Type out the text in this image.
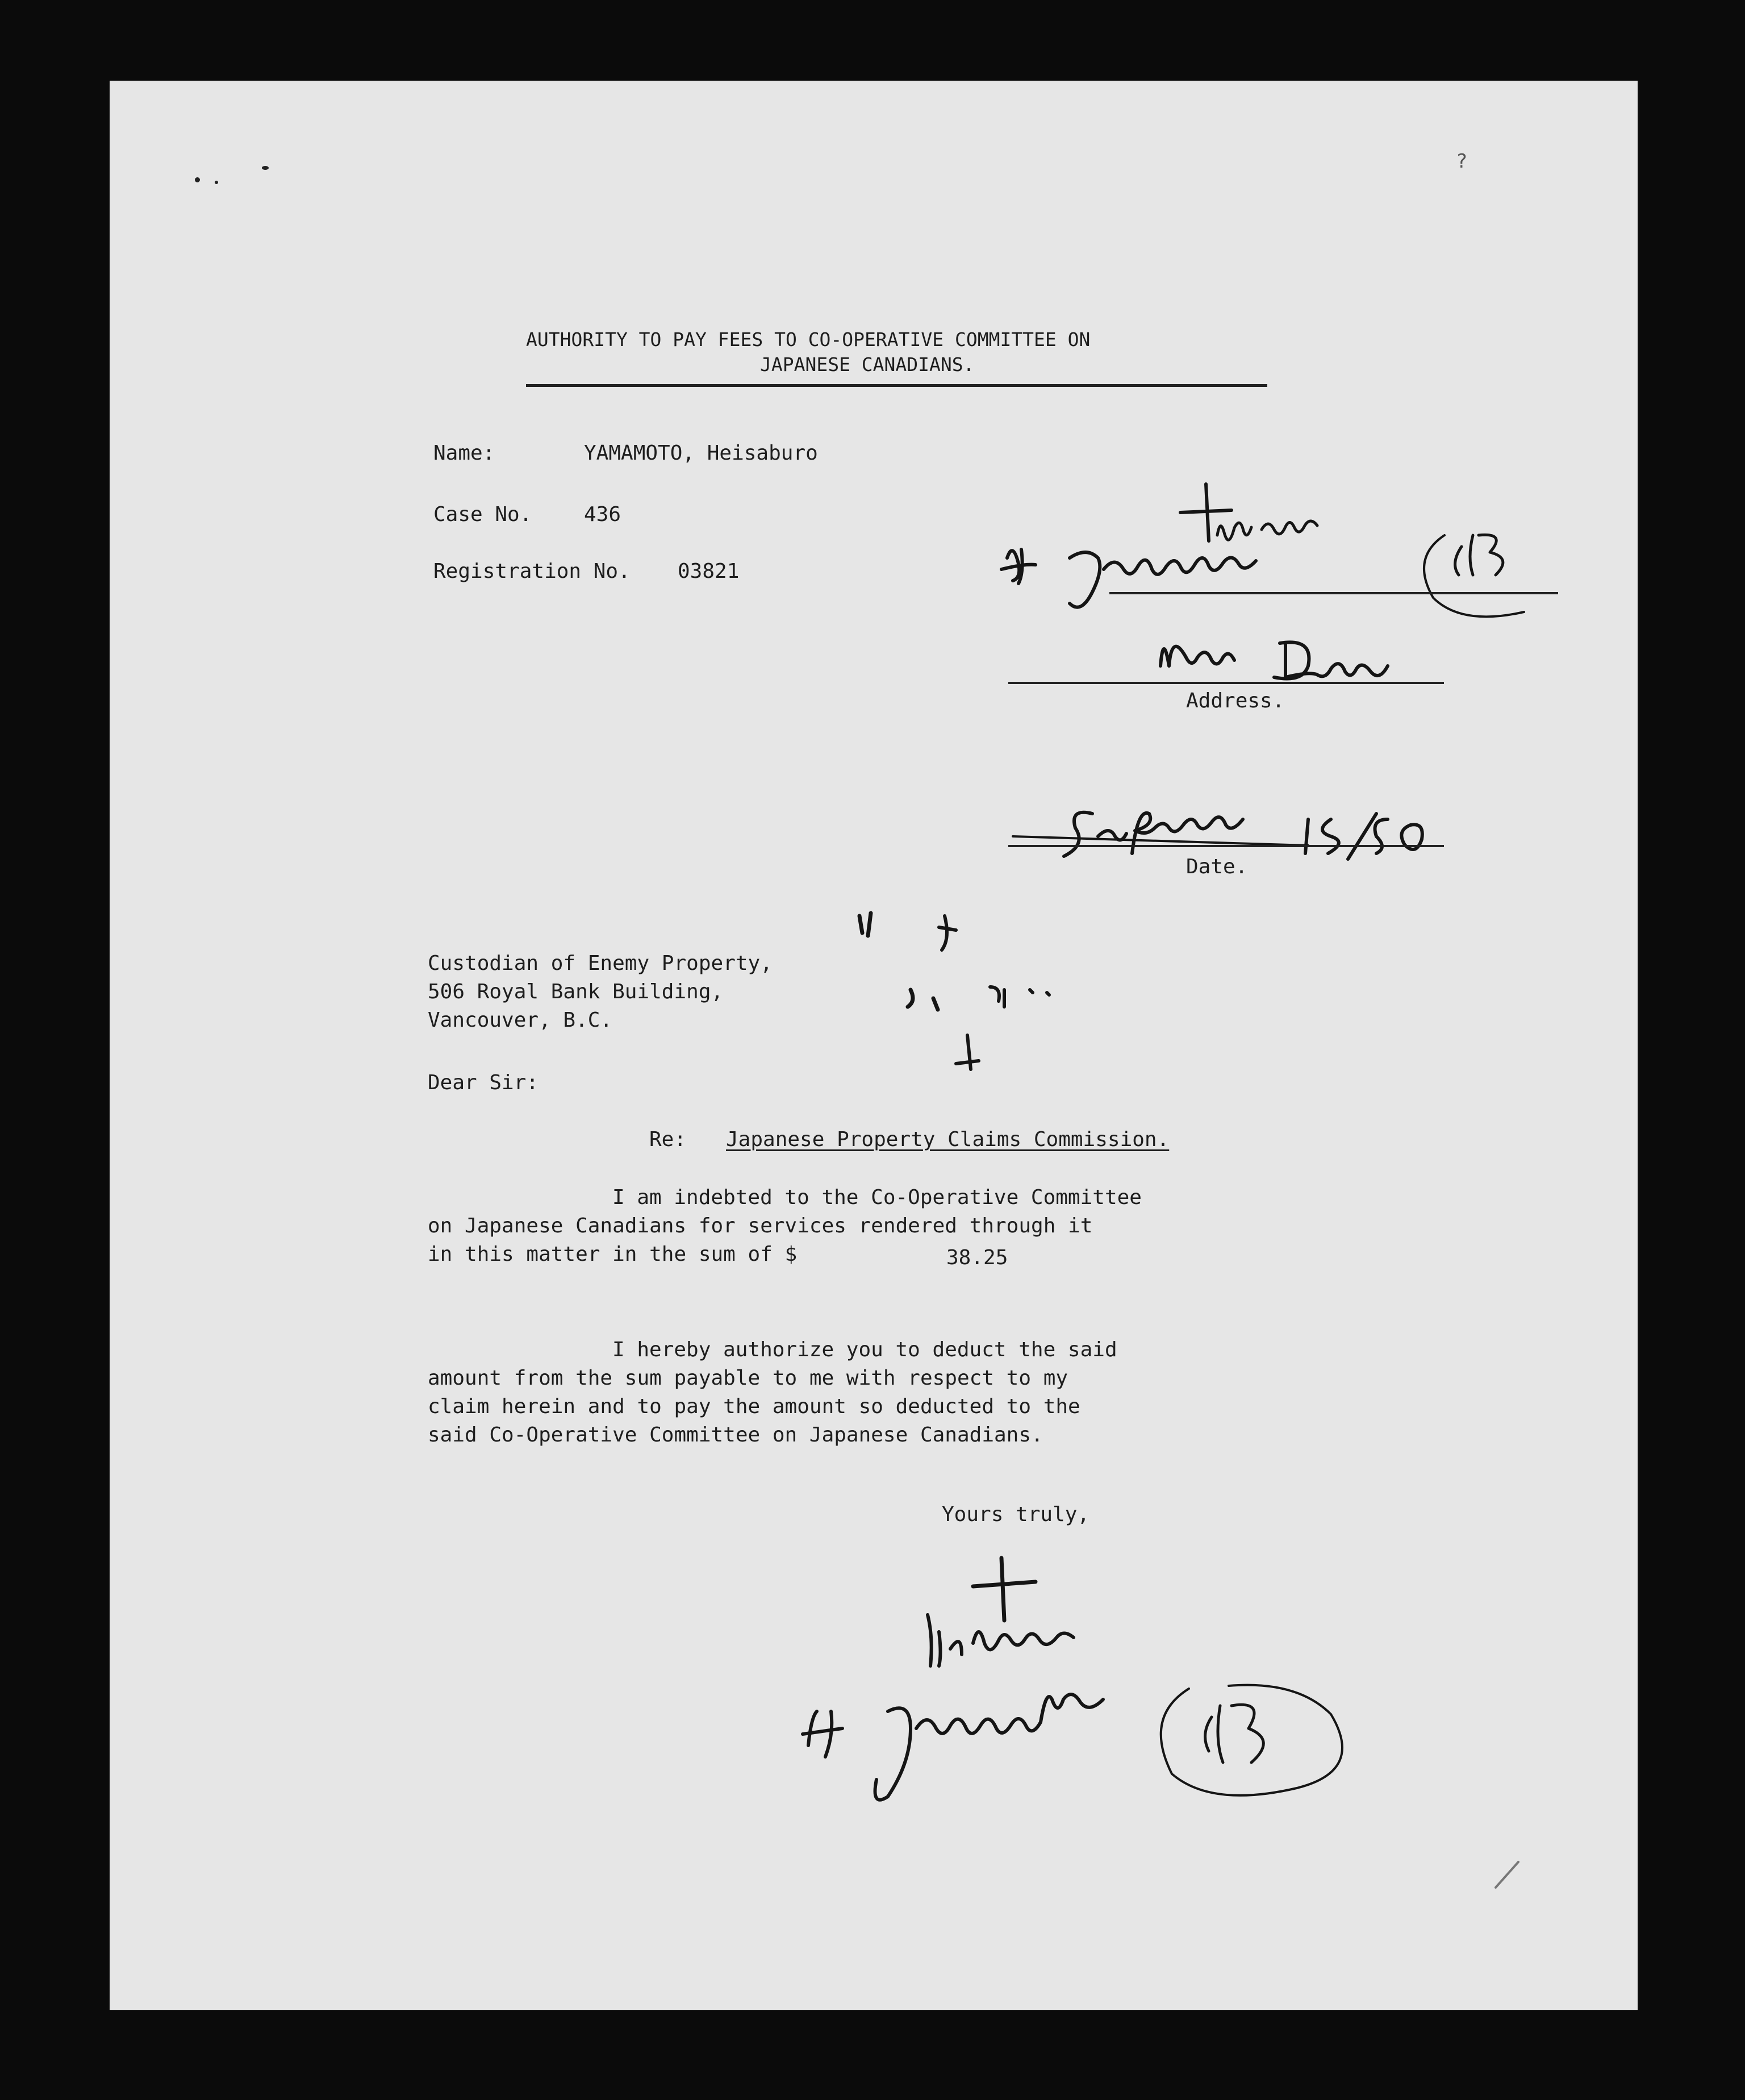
?
AUTHORITY TO PAY FEES TO CO-OPERATIVE COMMITTEE ON
JAPANESE CANADIANS.
Name:	YAMAMOTO, Heisaburo
Case No.	436
Registration No. 03821
Address.
Date.
Custodian of Enemy Property,
506 Royal Bank Building,
Vancouver, B.C.
Dear Sir:
Re: Japanese Property Claims Commission.
I am indebted to the Co-Operative Committee
on Japanese Canadians for services rendered through it
in this matter in the sum of $	38.25
I hereby authorize you to deduct the said
amount from the sum payable to me with respect to my
claim herein and to pay the amount so deducted to the
said Co-Operative Committee on Japanese Canadians.
Yours truly,
